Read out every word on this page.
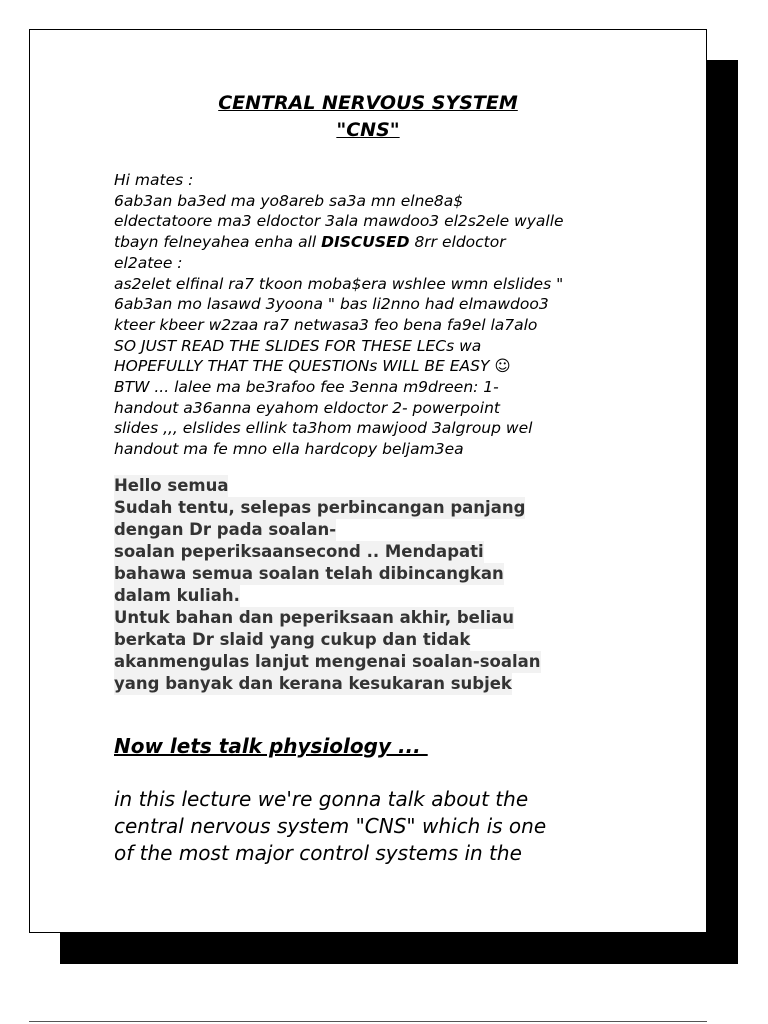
CENTRAL NERVOUS SYSTEM
"CNS"
Hi mates :
6ab3an ba3ed ma yo8areb sa3a mn elne8a$
eldectatoore ma3 eldoctor 3ala mawdoo3 el2s2ele wyalle
tbayn felneyahea enha all DISCUSED 8rr eldoctor
el2atee :
as2elet elfinal ra7 tkoon moba$era wshlee wmn elslides "
6ab3an mo lasawd 3yoona " bas li2nno had elmawdoo3
kteer kbeer w2zaa ra7 netwasa3 feo bena fa9el la7alo
SO JUST READ THE SLIDES FOR THESE LECs wa
HOPEFULLY THAT THE QUESTIONs WILL BE EASY ☺
BTW ... lalee ma be3rafoo fee 3enna m9dreen: 1-
handout a36anna eyahom eldoctor 2- powerpoint
slides ,,, elslides ellink ta3hom mawjood 3algroup wel
handout ma fe mno ella hardcopy beljam3ea
Hello semua
Sudah tentu, selepas perbincangan panjang
dengan Dr pada soalan-
soalan peperiksaansecond .. Mendapati
bahawa semua soalan telah dibincangkan
dalam kuliah.
Untuk bahan dan peperiksaan akhir, beliau
berkata Dr slaid yang cukup dan tidak
akanmengulas lanjut mengenai soalan-soalan
yang banyak dan kerana kesukaran subjek
Now lets talk physiology ...
in this lecture we're gonna talk about the
central nervous system "CNS" which is one
of the most major control systems in the
